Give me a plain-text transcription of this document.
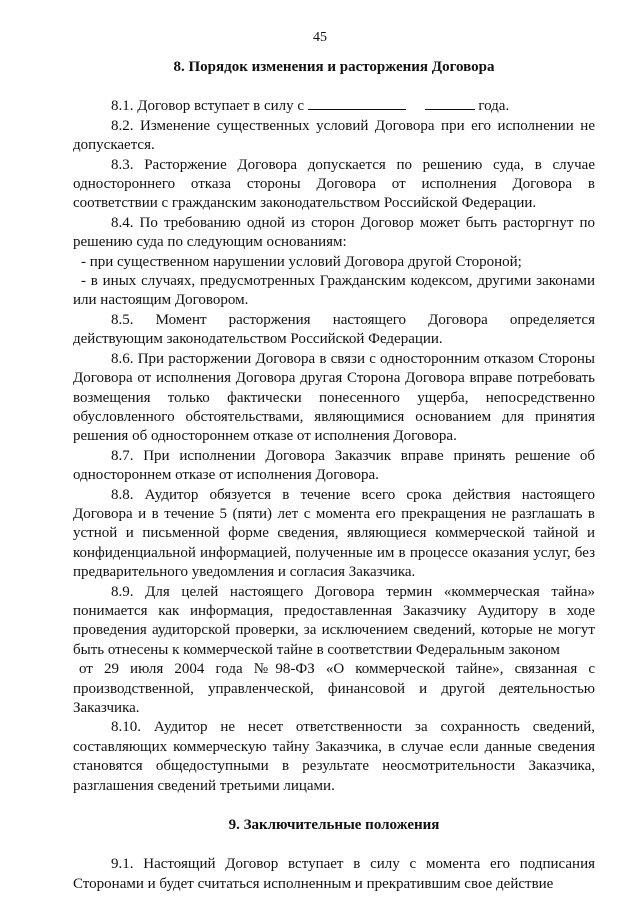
45

8. Порядок изменения и расторжения Договора

8.1. Договор вступает в силу с	года.

8.2. Изменение существенных условий Договора при его исполнении не допускается.

8.3. Расторжение Договора допускается по решению суда, в случае одностороннего отказа стороны Договора от исполнения Договора в соответствии с гражданским законодательством Российской Федерации.

8.4. По требованию одной из сторон Договор может быть расторгнут по решению суда по следующим основаниям:

- при существенном нарушении условий Договора другой Стороной;

- в иных случаях, предусмотренных Гражданским кодексом, другими законами или настоящим Договором.

8.5. Момент расторжения настоящего Договора определяется действующим законодательством Российской Федерации.

8.6. При расторжении Договора в связи с односторонним отказом Стороны Договора от исполнения Договора другая Сторона Договора вправе потребовать возмещения только фактически понесенного ущерба, непосредственно обусловленного обстоятельствами, являющимися основанием для принятия решения об одностороннем отказе от исполнения Договора.

8.7. При исполнении Договора Заказчик вправе принять решение об одностороннем отказе от исполнения Договора.

8.8. Аудитор обязуется в течение всего срока действия настоящего Договора и в течение 5 (пяти) лет с момента его прекращения не разглашать в устной и письменной форме сведения, являющиеся коммерческой тайной и конфиденциальной информацией, полученные им в процессе оказания услуг, без предварительного уведомления и согласия Заказчика.

8.9. Для целей настоящего Договора термин «коммерческая тайна» понимается как информация, предоставленная Заказчику Аудитору в ходе проведения аудиторской проверки, за исключением сведений, которые не могут быть отнесены к коммерческой тайне в соответствии Федеральным законом

от 29 июля 2004 года №98-ФЗ «О коммерческой тайне», связанная с производственной, управленческой, финансовой и другой деятельностью Заказчика.

8.10. Аудитор не несет ответственности за сохранность сведений, составляющих коммерческую тайну Заказчика, в случае если данные сведения становятся общедоступными в результате неосмотрительности Заказчика, разглашения сведений третьими лицами.

9. Заключительные положения

9.1. Настоящий Договор вступает в силу с момента его подписания Сторонами и будет считаться исполненным и прекратившим свое действие
